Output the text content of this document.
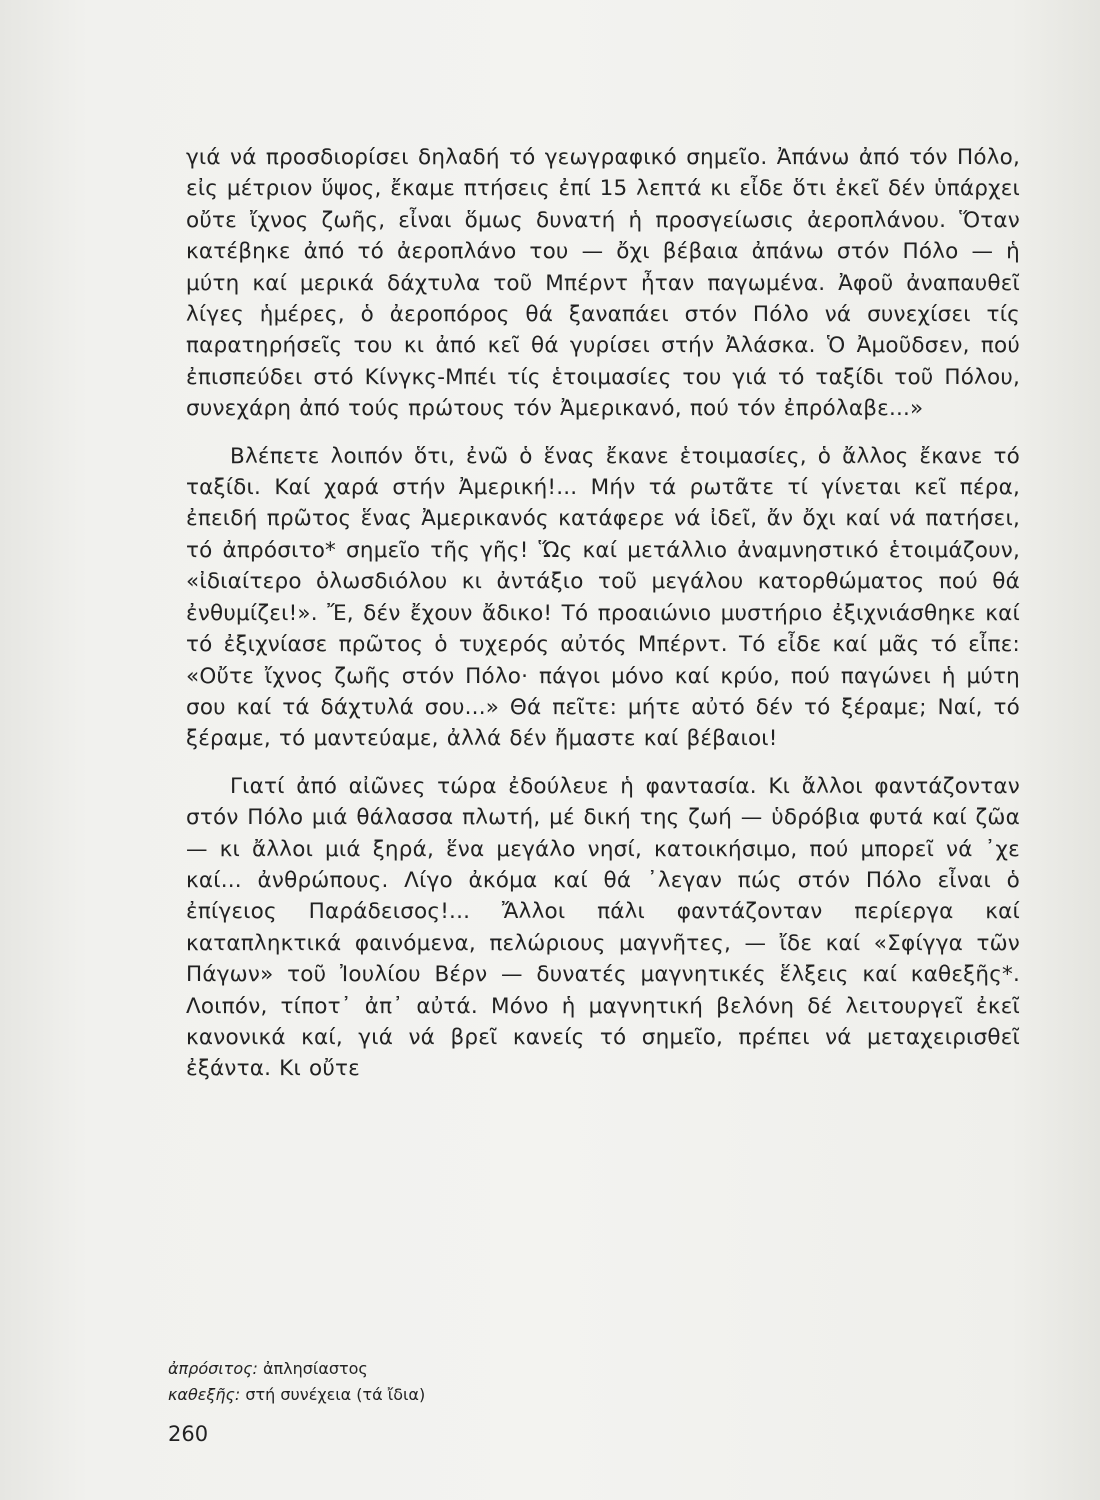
γιά νά προσδιορίσει δηλαδή τό γεωγραφικό σημεῖο. Ἀπάνω ἀπό τόν Πόλο, εἰς μέτριον ὕψος, ἔκαμε πτήσεις ἐπί 15 λεπτά κι εἶδε ὅτι ἐκεῖ δέν ὑπάρχει οὔτε ἴχνος ζωῆς, εἶναι ὅμως δυνατή ἡ προσγείωσις ἀεροπλάνου. Ὅταν κατέβηκε ἀπό τό ἀεροπλάνο του — ὄχι βέβαια ἀπάνω στόν Πόλο — ἡ μύτη καί μερικά δάχτυλα τοῦ Μπέρντ ἦταν παγωμένα. Ἀφοῦ ἀναπαυθεῖ λίγες ἡμέρες, ὁ ἀεροπόρος θά ξαναπάει στόν Πόλο νά συνεχίσει τίς παρατηρήσεῖς του κι ἀπό κεῖ θά γυρίσει στήν Ἀλάσκα. Ὁ Ἀμοῦδσεν, πού ἐπισπεύδει στό Κίνγκς-Μπέι τίς ἑτοιμασίες του γιά τό ταξίδι τοῦ Πόλου, συνεχάρη ἀπό τούς πρώτους τόν Ἀμερικανό, πού τόν ἐπρόλαβε...»

Βλέπετε λοιπόν ὅτι, ἐνῶ ὁ ἕνας ἔκανε ἑτοιμασίες, ὁ ἄλλος ἔκανε τό ταξίδι. Καί χαρά στήν Ἀμερική!... Μήν τά ρωτᾶτε τί γίνεται κεῖ πέρα, ἐπειδή πρῶτος ἕνας Ἀμερικανός κατάφερε νά ἰδεῖ, ἄν ὄχι καί νά πατήσει, τό ἀπρόσιτο* σημεῖο τῆς γῆς! Ὥς καί μετάλλιο ἀναμνηστικό ἑτοιμάζουν, «ἰδιαίτερο ὁλωσδιόλου κι ἀντάξιο τοῦ μεγάλου κατορθώματος πού θά ἐνθυμίζει!». Ἔ, δέν ἔχουν ἄδικο! Τό προαιώνιο μυστήριο ἐξιχνιάσθηκε καί τό ἐξιχνίασε πρῶτος ὁ τυχερός αὐτός Μπέρντ. Τό εἶδε καί μᾶς τό εἶπε: «Οὔτε ἴχνος ζωῆς στόν Πόλο· πάγοι μόνο καί κρύο, πού παγώνει ἡ μύτη σου καί τά δάχτυλά σου...» Θά πεῖτε: μήτε αὐτό δέν τό ξέραμε; Ναί, τό ξέραμε, τό μαντεύαμε, ἀλλά δέν ἤμαστε καί βέβαιοι!

Γιατί ἀπό αἰῶνες τώρα ἐδούλευε ἡ φαντασία. Κι ἄλλοι φαντάζονταν στόν Πόλο μιά θάλασσα πλωτή, μέ δική της ζωή — ὑδρόβια φυτά καί ζῶα — κι ἄλλοι μιά ξηρά, ἕνα μεγάλο νησί, κατοικήσιμο, πού μπορεῖ νά ᾽χε καί... ἀνθρώπους. Λίγο ἀκόμα καί θά ᾽λεγαν πώς στόν Πόλο εἶναι ὁ ἐπίγειος Παράδεισος!... Ἄλλοι πάλι φαντάζονταν περίεργα καί καταπληκτικά φαινόμενα, πελώριους μαγνῆτες, — ἴδε καί «Σφίγγα τῶν Πάγων» τοῦ Ἰουλίου Βέρν — δυνατές μαγνητικές ἕλξεις καί καθεξῆς*. Λοιπόν, τίποτ᾽ ἀπ᾽ αὐτά. Μόνο ἡ μαγνητική βελόνη δέ λειτουργεῖ ἐκεῖ κανονικά καί, γιά νά βρεῖ κανείς τό σημεῖο, πρέπει νά μεταχειρισθεῖ ἐξάντα. Κι οὔτε

ἀπρόσιτος: ἀπλησίαστος
καθεξῆς: στή συνέχεια (τά ἴδια)
260
